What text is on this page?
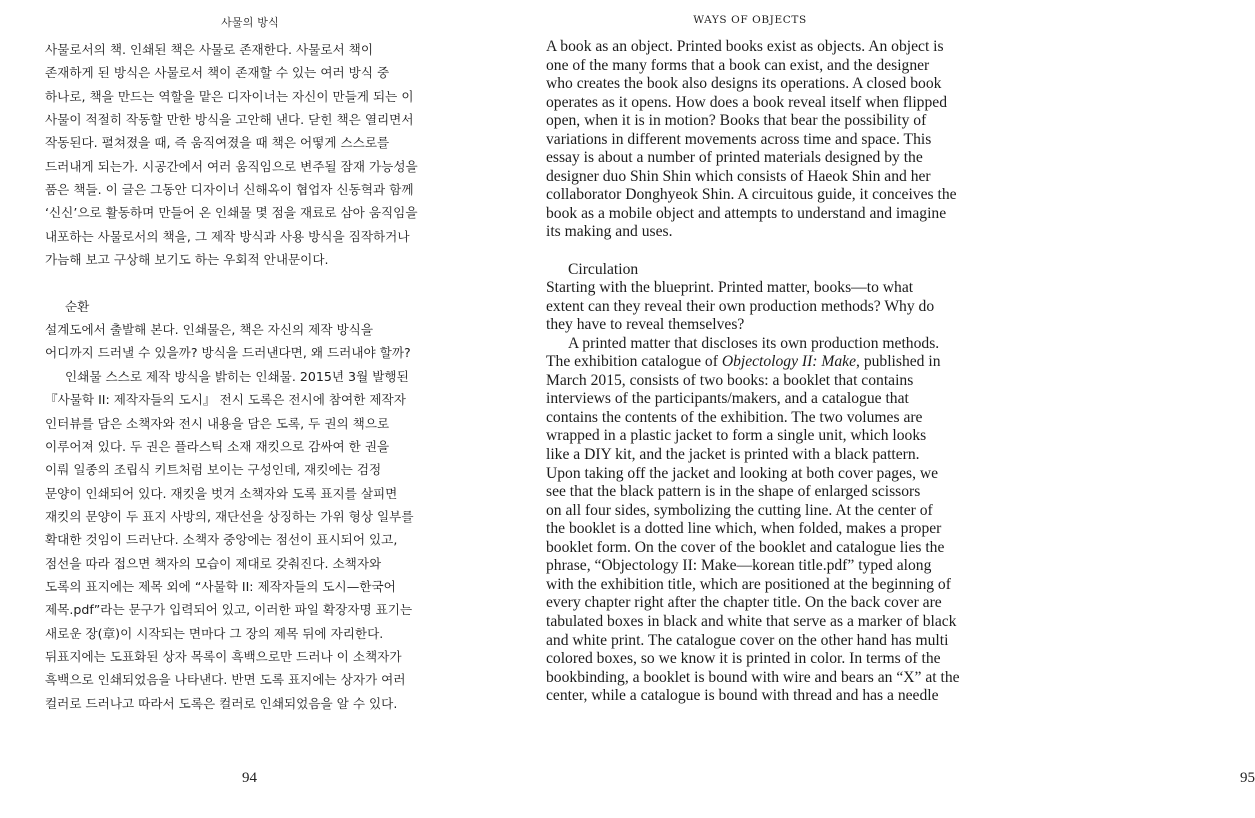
사물의 방식
사물로서의 책. 인쇄된 책은 사물로 존재한다. 사물로서 책이
존재하게 된 방식은 사물로서 책이 존재할 수 있는 여러 방식 중
하나로, 책을 만드는 역할을 맡은 디자이너는 자신이 만들게 되는 이
사물이 적절히 작동할 만한 방식을 고안해 낸다. 닫힌 책은 열리면서
작동된다. 펼쳐졌을 때, 즉 움직여졌을 때 책은 어떻게 스스로를
드러내게 되는가. 시공간에서 여러 움직임으로 변주될 잠재 가능성을
품은 책들. 이 글은 그동안 디자이너 신해옥이 협업자 신동혁과 함께
‘신신’으로 활동하며 만들어 온 인쇄물 몇 점을 재료로 삼아 움직임을
내포하는 사물로서의 책을, 그 제작 방식과 사용 방식을 짐작하거나
가늠해 보고 구상해 보기도 하는 우회적 안내문이다.
순환
설계도에서 출발해 본다. 인쇄물은, 책은 자신의 제작 방식을
어디까지 드러낼 수 있을까? 방식을 드러낸다면, 왜 드러내야 할까?
인쇄물 스스로 제작 방식을 밝히는 인쇄물. 2015년 3월 발행된
『사물학 II: 제작자들의 도시』 전시 도록은 전시에 참여한 제작자
인터뷰를 담은 소책자와 전시 내용을 담은 도록, 두 권의 책으로
이루어져 있다. 두 권은 플라스틱 소재 재킷으로 감싸여 한 권을
이뤄 일종의 조립식 키트처럼 보이는 구성인데, 재킷에는 검정
문양이 인쇄되어 있다. 재킷을 벗겨 소책자와 도록 표지를 살피면
재킷의 문양이 두 표지 사방의, 재단선을 상징하는 가위 형상 일부를
확대한 것임이 드러난다. 소책자 중앙에는 점선이 표시되어 있고,
점선을 따라 접으면 책자의 모습이 제대로 갖춰진다. 소책자와
도록의 표지에는 제목 외에 “사물학 II: 제작자들의 도시—한국어
제목.pdf”라는 문구가 입력되어 있고, 이러한 파일 확장자명 표기는
새로운 장(章)이 시작되는 면마다 그 장의 제목 뒤에 자리한다.
뒤표지에는 도표화된 상자 목록이 흑백으로만 드러나 이 소책자가
흑백으로 인쇄되었음을 나타낸다. 반면 도록 표지에는 상자가 여러
컬러로 드러나고 따라서 도록은 컬러로 인쇄되었음을 알 수 있다.
94
WAYS OF OBJECTS
95
A book as an object. Printed books exist as objects. An object is
one of the many forms that a book can exist, and the designer
who creates the book also designs its operations. A closed book
operates as it opens. How does a book reveal itself when flipped
open, when it is in motion? Books that bear the possibility of
variations in different movements across time and space. This
essay is about a number of printed materials designed by the
designer duo Shin Shin which consists of Haeok Shin and her
collaborator Donghyeok Shin. A circuitous guide, it conceives the
book as a mobile object and attempts to understand and imagine
its making and uses.
Circulation
Starting with the blueprint. Printed matter, books—to what
extent can they reveal their own production methods? Why do
they have to reveal themselves?
A printed matter that discloses its own production methods.
The exhibition catalogue of Objectology II: Make, published in
March 2015, consists of two books: a booklet that contains
interviews of the participants/makers, and a catalogue that
contains the contents of the exhibition. The two volumes are
wrapped in a plastic jacket to form a single unit, which looks
like a DIY kit, and the jacket is printed with a black pattern.
Upon taking off the jacket and looking at both cover pages, we
see that the black pattern is in the shape of enlarged scissors
on all four sides, symbolizing the cutting line. At the center of
the booklet is a dotted line which, when folded, makes a proper
booklet form. On the cover of the booklet and catalogue lies the
phrase, “Objectology II: Make—korean title.pdf” typed along
with the exhibition title, which are positioned at the beginning of
every chapter right after the chapter title. On the back cover are
tabulated boxes in black and white that serve as a marker of black
and white print. The catalogue cover on the other hand has multi
colored boxes, so we know it is printed in color. In terms of the
bookbinding, a booklet is bound with wire and bears an “X” at the
center, while a catalogue is bound with thread and has a needle
